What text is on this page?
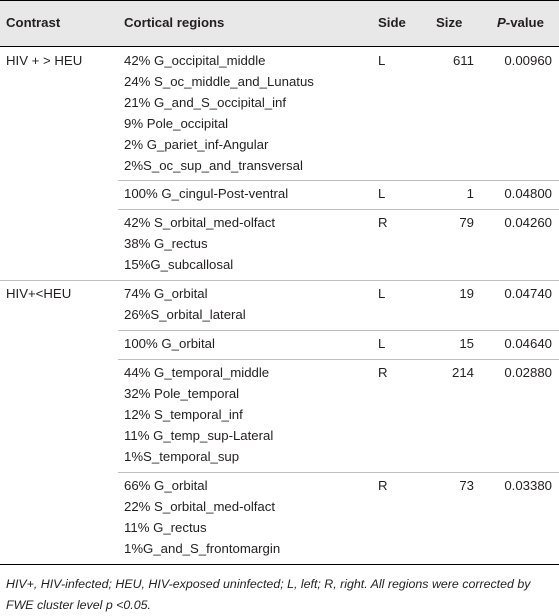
Contrast	Cortical regions	Side Size	P-value
HIV + > HEU	42% G_occipital_middle
24% S_oc_middle_and_Lunatus
21% G_and_S_occipital_inf
9% Pole_occipital
2% G_pariet_inf-Angular
2%S_oc_sup_and_transversal
L	611	0.00960
100% G_cingul-Post-ventral	L	1	0.04800
42% S_orbital_med-olfact
38% G_rectus
15%G_subcallosal
R	79	0.04260
HIV+<HEU	74% G_orbital
26%S_orbital_lateral
L	19	0.04740
100% G_orbital	L	15	0.04640
44% G_temporal_middle
32% Pole_temporal
12% S_temporal_inf
11% G_temp_sup-Lateral
1%S_temporal_sup
R	214	0.02880
66% G_orbital
22% S_orbital_med-olfact
11% G_rectus
1%G_and_S_frontomargin
R	73	0.03380
HIV+, HIV-infected; HEU, HIV-exposed uninfected; L, left; R, right. All regions were corrected by FWE cluster level p <0.05.
